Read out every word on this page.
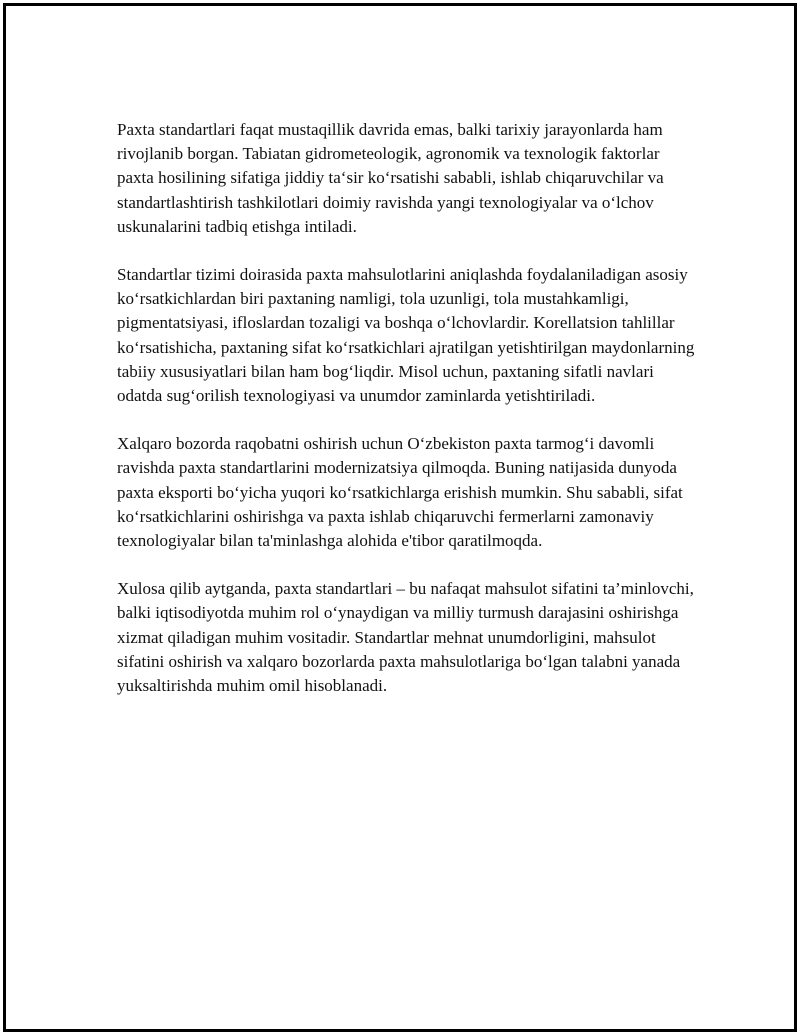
Paxta standartlari faqat mustaqillik davrida emas, balki tarixiy jarayonlarda ham rivojlanib borgan. Tabiatan gidrometeologik, agronomik va texnologik faktorlar paxta hosilining sifatiga jiddiy ta‘sir ko‘rsatishi sababli, ishlab chiqaruvchilar va standartlashtirish tashkilotlari doimiy ravishda yangi texnologiyalar va o‘lchov uskunalarini tadbiq etishga intiladi.

Standartlar tizimi doirasida paxta mahsulotlarini aniqlashda foydalaniladigan asosiy ko‘rsatkichlardan biri paxtaning namligi, tola uzunligi, tola mustahkamligi, pigmentatsiyasi, ifloslardan tozaligi va boshqa o‘lchovlardir. Korellatsion tahlillar ko‘rsatishicha, paxtaning sifat ko‘rsatkichlari ajratilgan yetishtirilgan maydonlarning tabiiy xususiyatlari bilan ham bog‘liqdir. Misol uchun, paxtaning sifatli navlari odatda sug‘orilish texnologiyasi va unumdor zaminlarda yetishtiriladi.

Xalqaro bozorda raqobatni oshirish uchun O‘zbekiston paxta tarmog‘i davomli ravishda paxta standartlarini modernizatsiya qilmoqda. Buning natijasida dunyoda paxta eksporti bo‘yicha yuqori ko‘rsatkichlarga erishish mumkin. Shu sababli, sifat ko‘rsatkichlarini oshirishga va paxta ishlab chiqaruvchi fermerlarni zamonaviy texnologiyalar bilan ta'minlashga alohida e'tibor qaratilmoqda.

Xulosa qilib aytganda, paxta standartlari – bu nafaqat mahsulot sifatini ta’minlovchi, balki iqtisodiyotda muhim rol o‘ynaydigan va milliy turmush darajasini oshirishga xizmat qiladigan muhim vositadir. Standartlar mehnat unumdorligini, mahsulot sifatini oshirish va xalqaro bozorlarda paxta mahsulotlariga bo‘lgan talabni yanada yuksaltirishda muhim omil hisoblanadi.
